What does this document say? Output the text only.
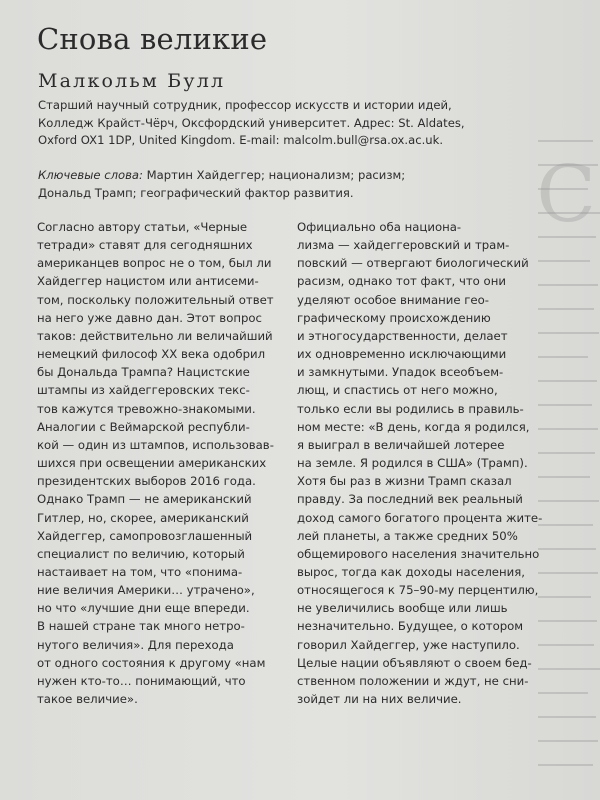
C
Снова великие
Малкольм Булл
Старший научный сотрудник, профессор искусств и истории идей,
Колледж Крайст-Чёрч, Оксфордский университет. Адрес: St. Aldates,
Oxford OX1 1DP, United Kingdom. E-mail: malcolm.bull@rsa.ox.ac.uk.
Ключевые слова: Мартин Хайдеггер; национализм; расизм;
Дональд Трамп; географический фактор развития.
Согласно автору статьи, «Черные
тетради» ставят для сегодняшних
американцев вопрос не о том, был ли
Хайдеггер нацистом или антисеми-
том, поскольку положительный ответ
на него уже давно дан. Этот вопрос
таков: действительно ли величайший
немецкий философ XX века одобрил
бы Дональда Трампа? Нацистские
штампы из хайдеггеровских текс-
тов кажутся тревожно-знакомыми.
Аналогии с Веймарской республи-
кой — один из штампов, использовав-
шихся при освещении американских
президентских выборов 2016 года.
Однако Трамп — не американский
Гитлер, но, скорее, американский
Хайдеггер, самопровозглашенный
специалист по величию, который
настаивает на том, что «понима-
ние величия Америки… утрачено»,
но что «лучшие дни еще впереди.
В нашей стране так много нетро-
нутого величия». Для перехода
от одного состояния к другому «нам
нужен кто-то… понимающий, что
такое величие».
Официально оба национа-
лизма — хайдеггеровский и трам-
повский — отвергают биологический
расизм, однако тот факт, что они
уделяют особое внимание гео-
графическому происхождению
и этногосударственности, делает
их одновременно исключающими
и замкнутыми. Упадок всеобъем-
лющ, и спастись от него можно,
только если вы родились в правиль-
ном месте: «В день, когда я родился,
я выиграл в величайшей лотерее
на земле. Я родился в США» (Трамп).
Хотя бы раз в жизни Трамп сказал
правду. За последний век реальный
доход самого богатого процента жите-
лей планеты, а также средних 50%
общемирового населения значительно
вырос, тогда как доходы населения,
относящегося к 75–90-му перцентилю,
не увеличились вообще или лишь
незначительно. Будущее, о котором
говорил Хайдеггер, уже наступило.
Целые нации объявляют о своем бед-
ственном положении и ждут, не сни-
зойдет ли на них величие.
